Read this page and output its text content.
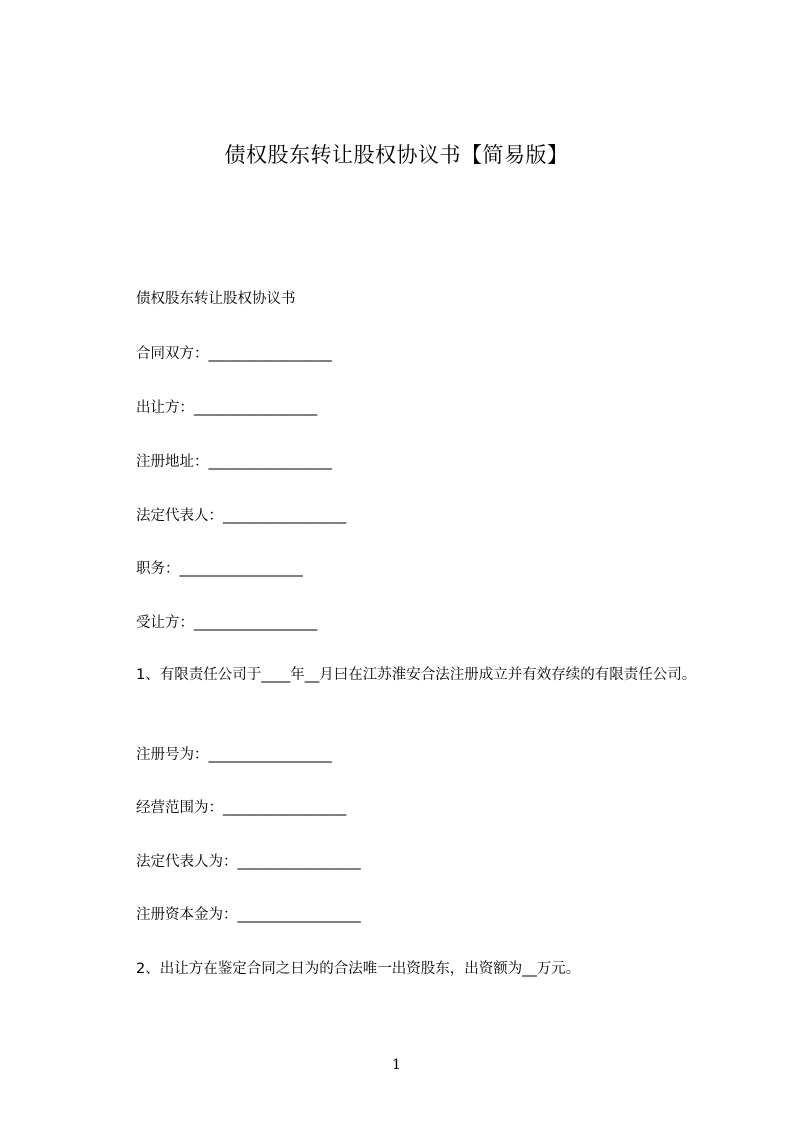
债权股东转让股权协议书【简易版】
债权股东转让股权协议书
合同双方：_________________
出让方：_________________
注册地址：_________________
法定代表人：_________________
职务：_________________
受让方：_________________
1、有限责任公司于____年__月曰在江苏淮安合法注册成立并有效存续的有限责任公司。
注册号为：_________________
经营范围为：_________________
法定代表人为：_________________
注册资本金为：_________________
2、出让方在鉴定合同之日为的合法唯一出资股东，出资额为__万元。
1
